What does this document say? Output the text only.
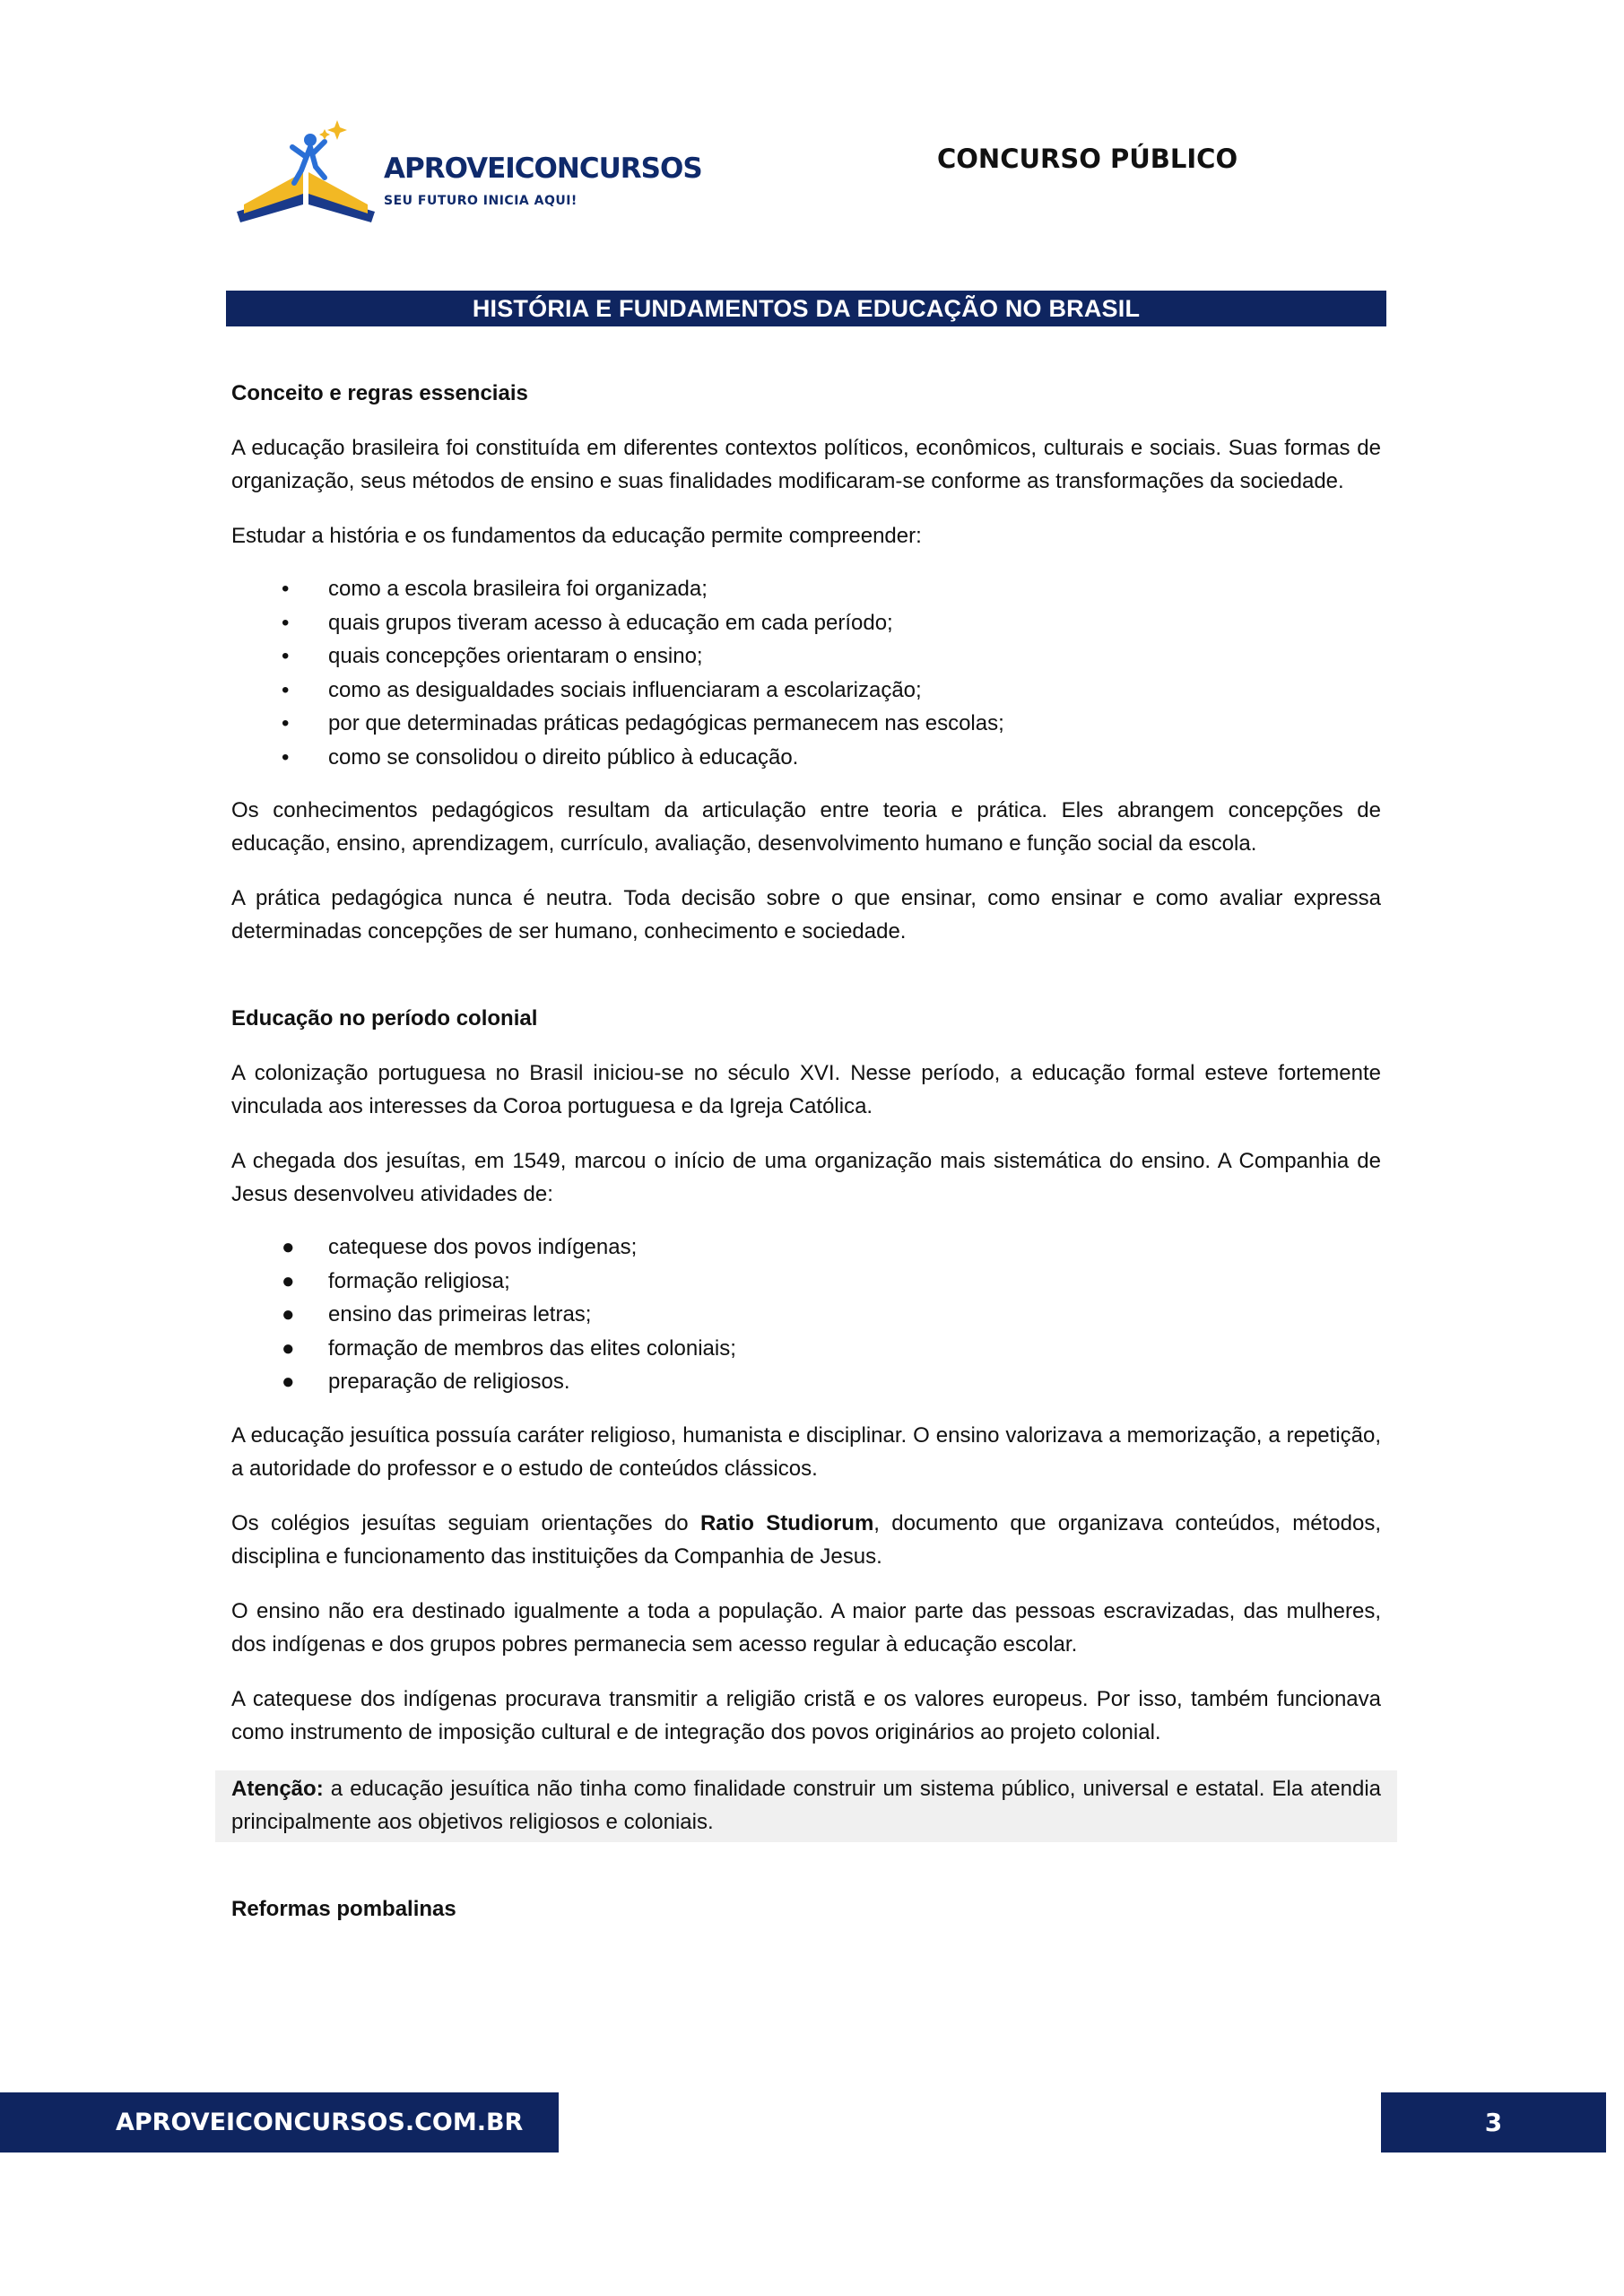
APROVEICONCURSOS
SEU FUTURO INICIA AQUI!
CONCURSO PÚBLICO
HISTÓRIA E FUNDAMENTOS DA EDUCAÇÃO NO BRASIL
Conceito e regras essenciais
A educação brasileira foi constituída em diferentes contextos políticos, econômicos, culturais e sociais. Suas formas de organização, seus métodos de ensino e suas finalidades modificaram-se conforme as transformações da sociedade.
Estudar a história e os fundamentos da educação permite compreender:
• como a escola brasileira foi organizada;
• quais grupos tiveram acesso à educação em cada período;
• quais concepções orientaram o ensino;
• como as desigualdades sociais influenciaram a escolarização;
• por que determinadas práticas pedagógicas permanecem nas escolas;
• como se consolidou o direito público à educação.
Os conhecimentos pedagógicos resultam da articulação entre teoria e prática. Eles abrangem concepções de educação, ensino, aprendizagem, currículo, avaliação, desenvolvimento humano e função social da escola.
A prática pedagógica nunca é neutra. Toda decisão sobre o que ensinar, como ensinar e como avaliar expressa determinadas concepções de ser humano, conhecimento e sociedade.
Educação no período colonial
A colonização portuguesa no Brasil iniciou-se no século XVI. Nesse período, a educação formal esteve fortemente vinculada aos interesses da Coroa portuguesa e da Igreja Católica.
A chegada dos jesuítas, em 1549, marcou o início de uma organização mais sistemática do ensino. A Companhia de Jesus desenvolveu atividades de:
● catequese dos povos indígenas;
● formação religiosa;
● ensino das primeiras letras;
● formação de membros das elites coloniais;
● preparação de religiosos.
A educação jesuítica possuía caráter religioso, humanista e disciplinar. O ensino valorizava a memorização, a repetição, a autoridade do professor e o estudo de conteúdos clássicos.
Os colégios jesuítas seguiam orientações do Ratio Studiorum, documento que organizava conteúdos, métodos, disciplina e funcionamento das instituições da Companhia de Jesus.
O ensino não era destinado igualmente a toda a população. A maior parte das pessoas escravizadas, das mulheres, dos indígenas e dos grupos pobres permanecia sem acesso regular à educação escolar.
A catequese dos indígenas procurava transmitir a religião cristã e os valores europeus. Por isso, também funcionava como instrumento de imposição cultural e de integração dos povos originários ao projeto colonial.
Atenção: a educação jesuítica não tinha como finalidade construir um sistema público, universal e estatal. Ela atendia principalmente aos objetivos religiosos e coloniais.
Reformas pombalinas
APROVEICONCURSOS.COM.BR	3
